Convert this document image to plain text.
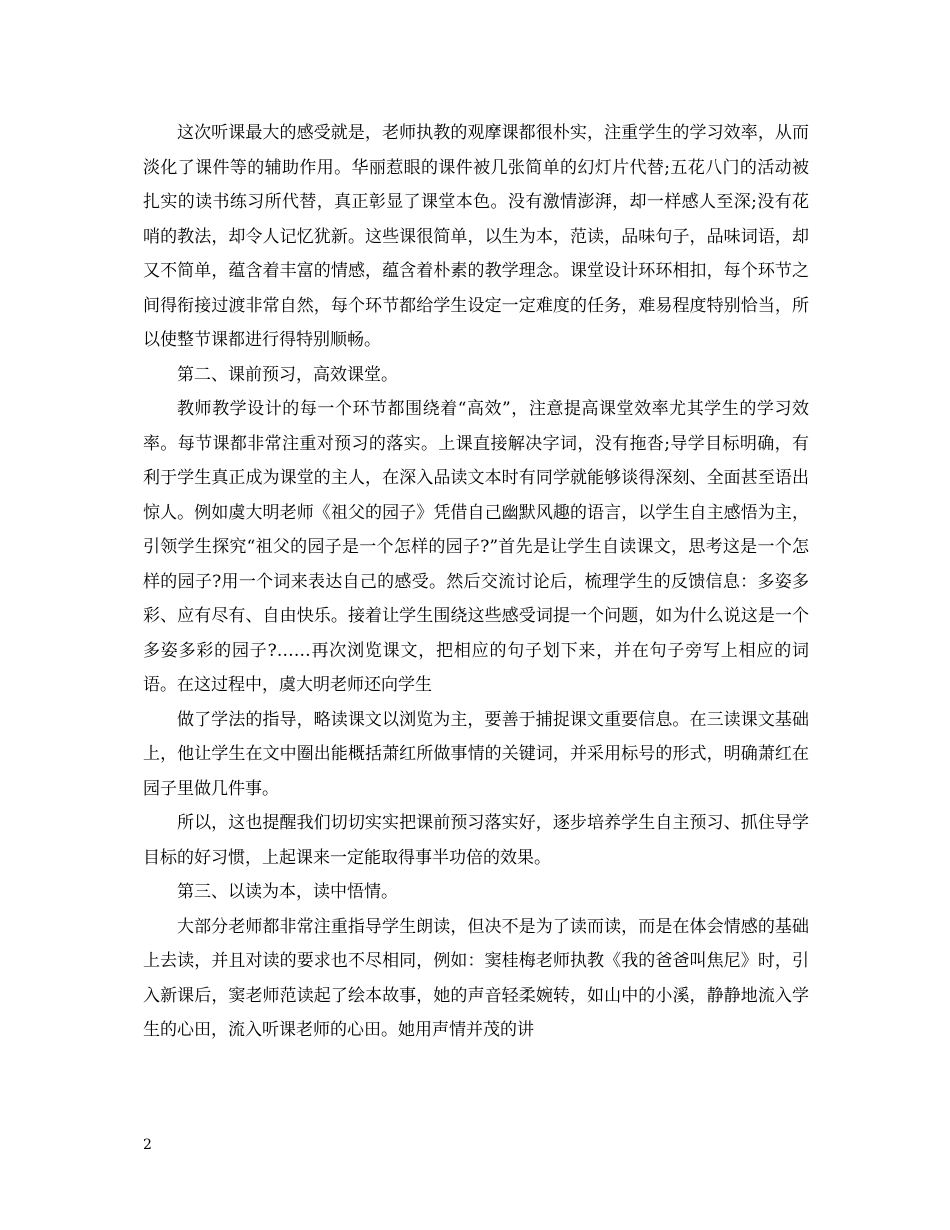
这次听课最大的感受就是，老师执教的观摩课都很朴实，注重学生的学习效率，从而淡化了课件等的辅助作用。华丽惹眼的课件被几张简单的幻灯片代替;五花八门的活动被扎实的读书练习所代替，真正彰显了课堂本色。没有激情澎湃，却一样感人至深;没有花哨的教法，却令人记忆犹新。这些课很简单，以生为本，范读，品味句子，品味词语，却又不简单，蕴含着丰富的情感，蕴含着朴素的教学理念。课堂设计环环相扣，每个环节之间得衔接过渡非常自然，每个环节都给学生设定一定难度的任务，难易程度特别恰当，所以使整节课都进行得特别顺畅。

第二、课前预习，高效课堂。

教师教学设计的每一个环节都围绕着“高效”，注意提高课堂效率尤其学生的学习效率。每节课都非常注重对预习的落实。上课直接解决字词，没有拖沓;导学目标明确，有利于学生真正成为课堂的主人，在深入品读文本时有同学就能够谈得深刻、全面甚至语出惊人。例如虞大明老师《祖父的园子》凭借自己幽默风趣的语言，以学生自主感悟为主，引领学生探究“祖父的园子是一个怎样的园子?”首先是让学生自读课文，思考这是一个怎样的园子?用一个词来表达自己的感受。然后交流讨论后，梳理学生的反馈信息：多姿多彩、应有尽有、自由快乐。接着让学生围绕这些感受词提一个问题，如为什么说这是一个多姿多彩的园子?……再次浏览课文，把相应的句子划下来，并在句子旁写上相应的词语。在这过程中，虞大明老师还向学生

做了学法的指导，略读课文以浏览为主，要善于捕捉课文重要信息。在三读课文基础上，他让学生在文中圈出能概括萧红所做事情的关键词，并采用标号的形式，明确萧红在园子里做几件事。

所以，这也提醒我们切切实实把课前预习落实好，逐步培养学生自主预习、抓住导学目标的好习惯，上起课来一定能取得事半功倍的效果。

第三、以读为本，读中悟情。

大部分老师都非常注重指导学生朗读，但决不是为了读而读，而是在体会情感的基础上去读，并且对读的要求也不尽相同，例如：窦桂梅老师执教《我的爸爸叫焦尼》时，引入新课后，窦老师范读起了绘本故事，她的声音轻柔婉转，如山中的小溪，静静地流入学生的心田，流入听课老师的心田。她用声情并茂的讲

2
